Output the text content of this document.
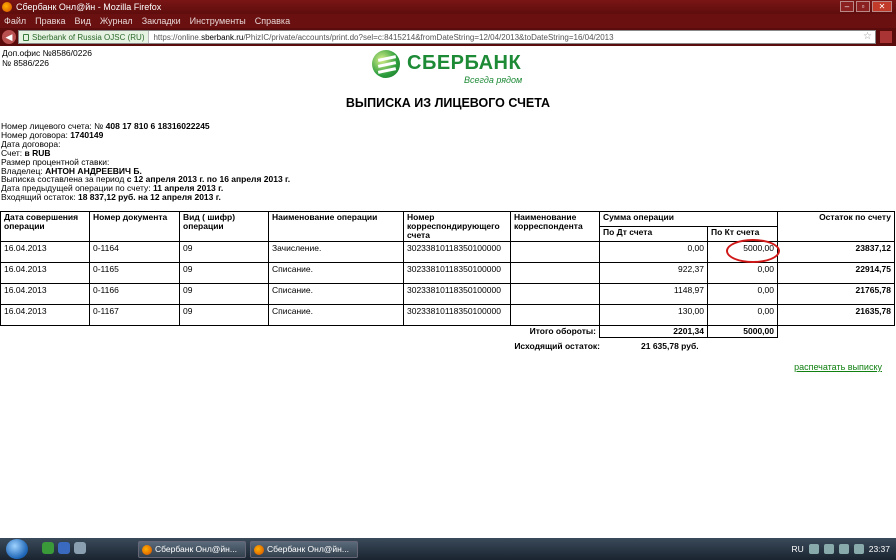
Сбербанк Онл@йн - Mozilla Firefox	–	▫	✕
Файл Правка Вид Журнал Закладки Инструменты Справка
◀	Sberbank of Russia OJSC (RU)	https://online.sberbank.ru/PhizIC/private/accounts/print.do?sel=c:8415214&fromDateString=12/04/2013&toDateString=16/04/2013	☆
Доп.офис №8586/0226
№ 8586/226	СБЕРБАНК
Всегда рядом
ВЫПИСКА ИЗ ЛИЦЕВОГО СЧЕТА
Номер лицевого счета: № 408 17 810 6 18316022245
Номер договора: 1740149
Дата договора:
Счет: в RUB
Размер процентной ставки:
Владелец: АНТОН АНДРЕЕВИЧ Б.
Выписка составлена за период с 12 апреля 2013 г. по 16 апреля 2013 г.
Дата предыдущей операции по счету: 11 апреля 2013 г.
Входящий остаток: 18 837,12 руб. на 12 апреля 2013 г.
Дата совершения операции	Номер документа	Вид ( шифр) операции	Наименование операции	Номер корреспондирующего счета	Наименование корреспондента	Сумма операции		Остаток по счету
						По Дт счета	По Кт счета	
16.04.2013	0-1164	09	Зачисление.	30233810118350100000		0,00	5000,00	23837,12
16.04.2013	0-1165	09	Списание.	30233810118350100000		922,37	0,00	22914,75
16.04.2013	0-1166	09	Списание.	30233810118350100000		1148,97	0,00	21765,78
16.04.2013	0-1167	09	Списание.	30233810118350100000		130,00	0,00	21635,78
Итого обороты:						2201,34	5000,00	
Исходящий остаток:	21 635,78 руб.
распечатать выписку
Сбербанк Онл@йн...	Сбербанк Онл@йн...	RU	23:37
